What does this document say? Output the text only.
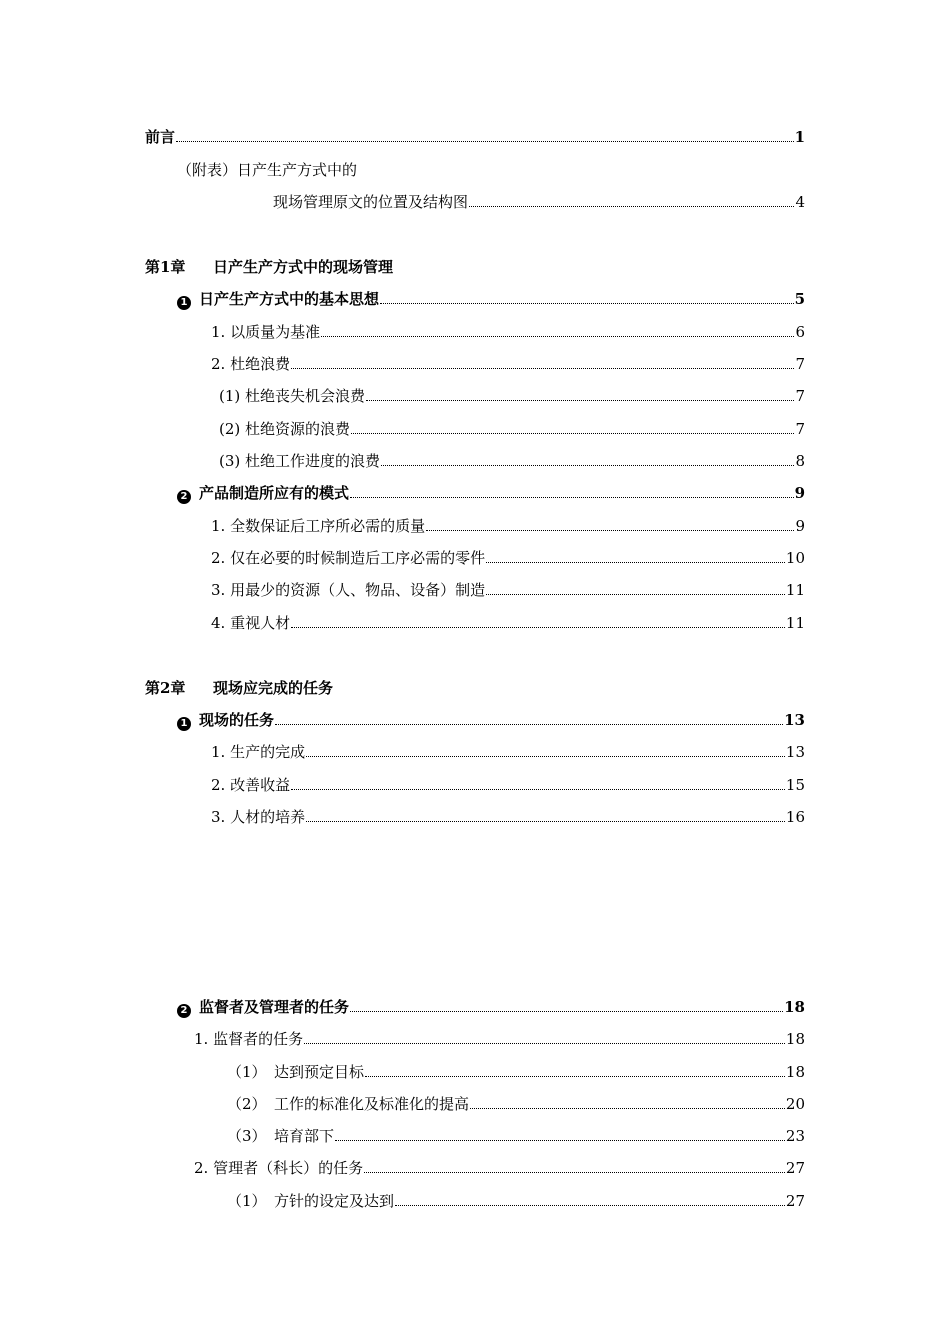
前言	1
（附表）日产生产方式中的
现场管理原文的位置及结构图	4
第1章 日产生产方式中的现场管理
1 日产生产方式中的基本思想	5
1. 以质量为基准	6
2. 杜绝浪费	7
(1) 杜绝丧失机会浪费	7
(2) 杜绝资源的浪费	7
(3) 杜绝工作进度的浪费	8
2 产品制造所应有的模式	9
1. 全数保证后工序所必需的质量	9
2. 仅在必要的时候制造后工序必需的零件	10
3. 用最少的资源（人、物品、设备）制造	11
4. 重视人材	11
第2章 现场应完成的任务
1 现场的任务	13
1. 生产的完成	13
2. 改善收益	15
3. 人材的培养	16
2 监督者及管理者的任务	18
1. 监督者的任务	18
（1）　达到预定目标	18
（2）　工作的标准化及标准化的提高	20
（3）　培育部下	23
2. 管理者（科长）的任务	27
（1）　方针的设定及达到	27
